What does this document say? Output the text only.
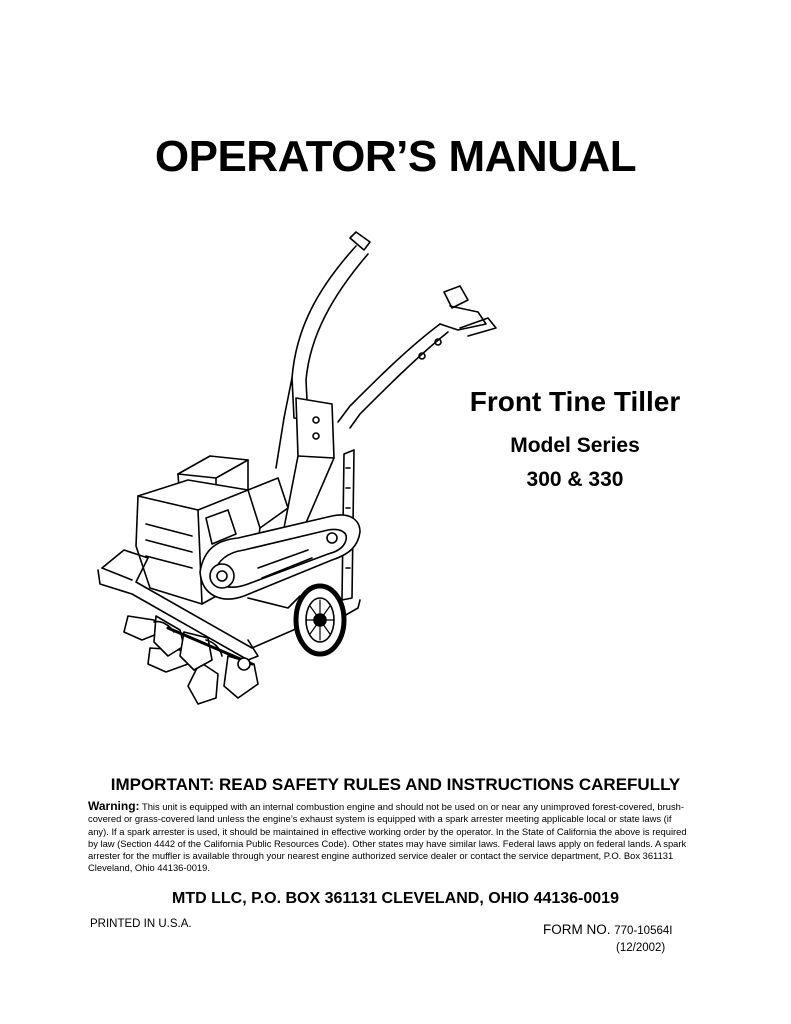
OPERATOR’S MANUAL
Front Tine Tiller
Model Series
300 & 330
IMPORTANT: READ SAFETY RULES AND INSTRUCTIONS CAREFULLY
Warning: This unit is equipped with an internal combustion engine and should not be used on or near any unimproved forest-covered, brush-covered or grass-covered land unless the engine’s exhaust system is equipped with a spark arrester meeting applicable local or state laws (if any). If a spark arrester is used, it should be maintained in effective working order by the operator. In the State of California the above is required by law (Section 4442 of the California Public Resources Code). Other states may have similar laws. Federal laws apply on federal lands. A spark arrester for the muffler is available through your nearest engine authorized service dealer or contact the service department, P.O. Box 361131 Cleveland, Ohio 44136-0019.
MTD LLC, P.O. BOX 361131 CLEVELAND, OHIO 44136-0019
PRINTED IN U.S.A.	FORM NO. 770-10564I
(12/2002)
